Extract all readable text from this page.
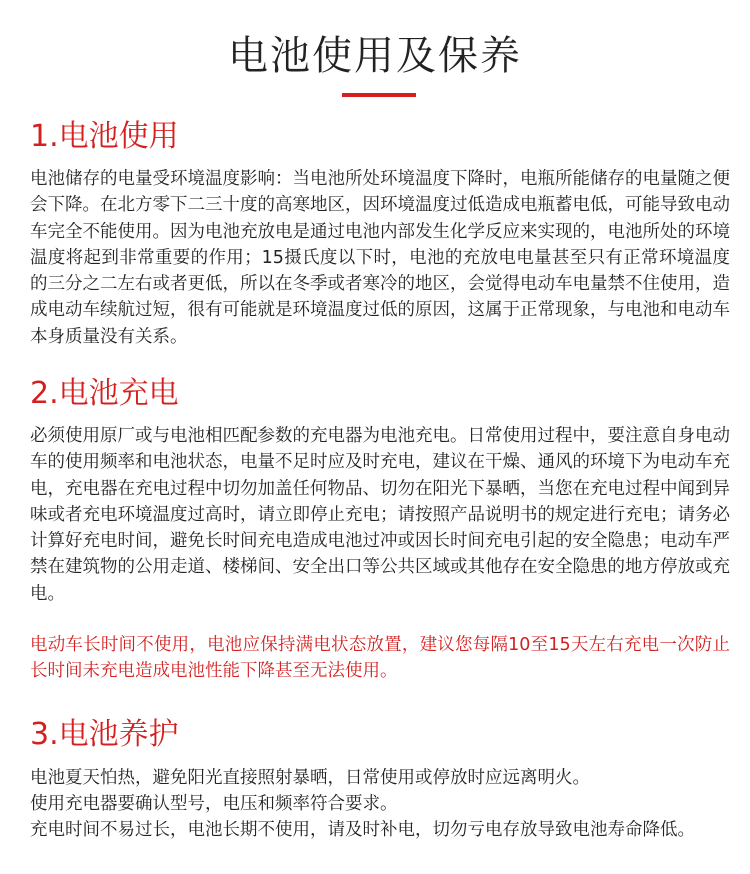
电池使用及保养
1.电池使用

电池储存的电量受环境温度影响：当电池所处环境温度下降时，电瓶所能储存的电量随之便会下降。在北方零下二三十度的高寒地区，因环境温度过低造成电瓶蓄电低，可能导致电动车完全不能使用。因为电池充放电是通过电池内部发生化学反应来实现的，电池所处的环境温度将起到非常重要的作用；15摄氏度以下时，电池的充放电电量甚至只有正常环境温度的三分之二左右或者更低，所以在冬季或者寒冷的地区，会觉得电动车电量禁不住使用，造成电动车续航过短，很有可能就是环境温度过低的原因，这属于正常现象，与电池和电动车本身质量没有关系。

2.电池充电

必须使用原厂或与电池相匹配参数的充电器为电池充电。日常使用过程中，要注意自身电动车的使用频率和电池状态，电量不足时应及时充电，建议在干燥、通风的环境下为电动车充电，充电器在充电过程中切勿加盖任何物品、切勿在阳光下暴晒，当您在充电过程中闻到异味或者充电环境温度过高时，请立即停止充电；请按照产品说明书的规定进行充电；请务必计算好充电时间，避免长时间充电造成电池过冲或因长时间充电引起的安全隐患；电动车严禁在建筑物的公用走道、楼梯间、安全出口等公共区域或其他存在安全隐患的地方停放或充电。

电动车长时间不使用，电池应保持满电状态放置，建议您每隔10至15天左右充电一次防止长时间未充电造成电池性能下降甚至无法使用。

3.电池养护

电池夏天怕热，避免阳光直接照射暴晒，日常使用或停放时应远离明火。

使用充电器要确认型号，电压和频率符合要求。

充电时间不易过长，电池长期不使用，请及时补电，切勿亏电存放导致电池寿命降低。
